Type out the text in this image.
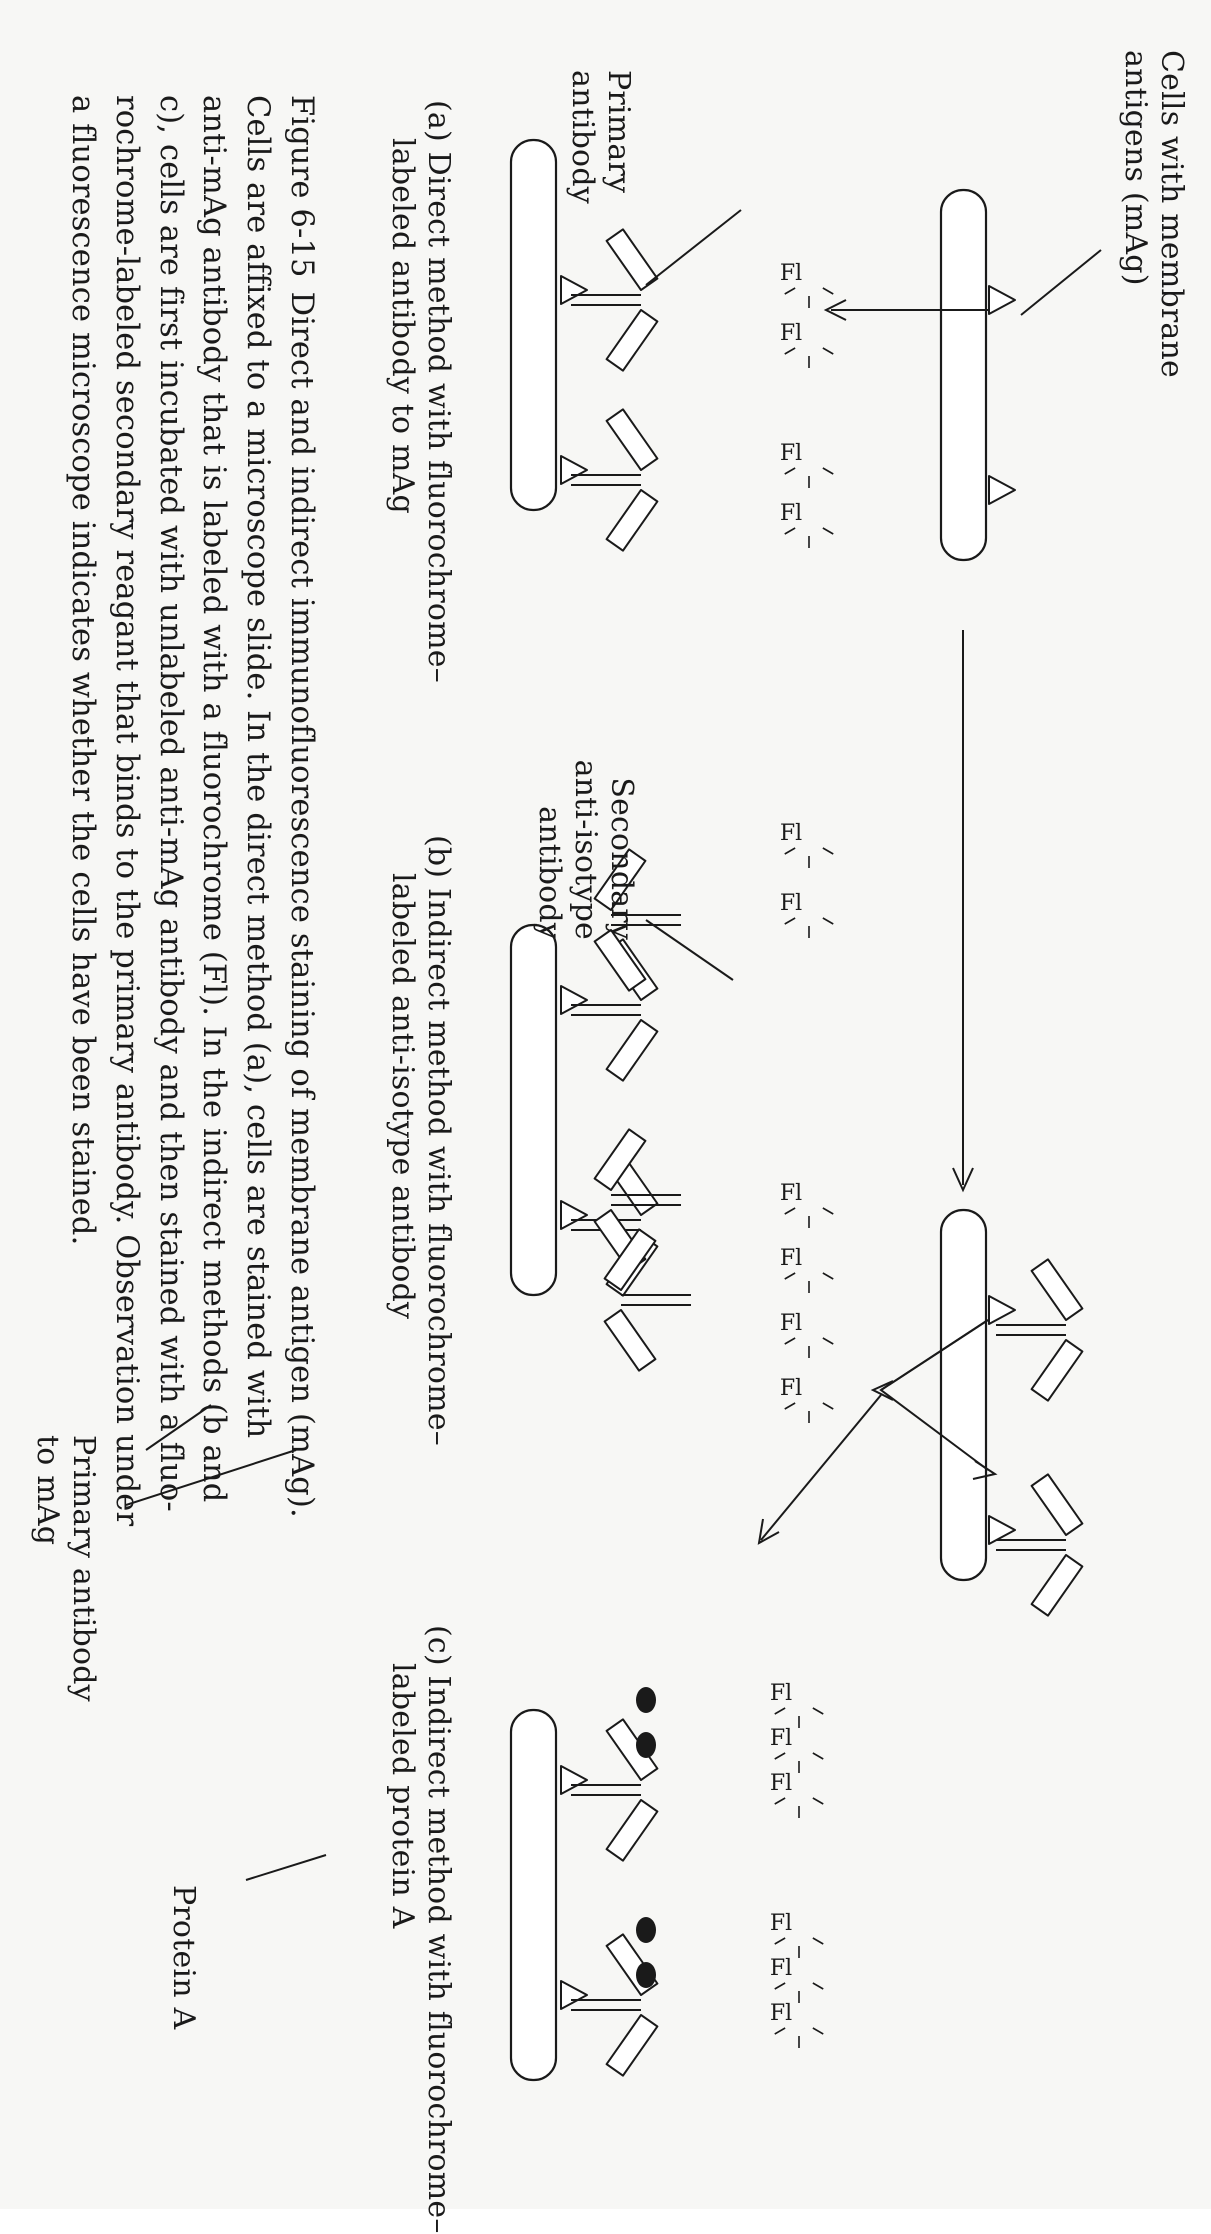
Fl
Fl
Fl
Fl
Fl
Fl
Fl
Fl
Fl
Fl
Fl
Fl
Fl
Fl
Fl
Fl
Cells with membrane
antigens (mAg)
Primary
antibody
Primary antibody
to mAg
Secondary
anti-isotype
antibody
Protein A
(a) Direct method with fluorochrome–
labeled antibody to mAg
(b) Indirect method with fluorochrome–
labeled anti-isotype antibody
(c) Indirect method with fluorochrome–
labeled protein A
Figure 6-15Direct and indirect immunofluorescence staining of membrane antigen (mAg).
Cells are affixed to a microscope slide. In the direct method (a), cells are stained with
anti-mAg antibody that is labeled with a fluorochrome (Fl). In the indirect methods (b and
c), cells are first incubated with unlabeled anti-mAg antibody and then stained with a fluo-
rochrome-labeled secondary reagant that binds to the primary antibody. Observation under
a fluorescence microscope indicates whether the cells have been stained.
